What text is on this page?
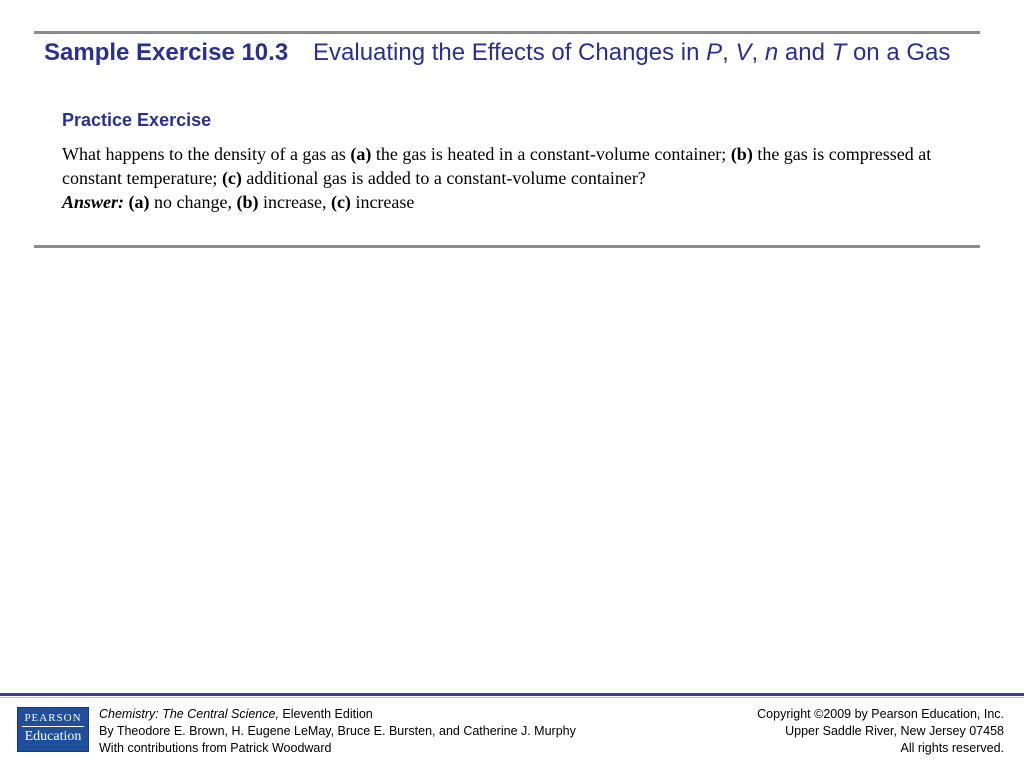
Sample Exercise 10.3 Evaluating the Effects of Changes in P, V, n and T on a Gas
Practice Exercise
What happens to the density of a gas as (a) the gas is heated in a constant-volume container; (b) the gas is compressed at constant temperature; (c) additional gas is added to a constant-volume container?
Answer: (a) no change, (b) increase, (c) increase
PEARSON
Education
Chemistry: The Central Science, Eleventh Edition
By Theodore E. Brown, H. Eugene LeMay, Bruce E. Bursten, and Catherine J. Murphy
With contributions from Patrick Woodward
Copyright ©2009 by Pearson Education, Inc.
Upper Saddle River, New Jersey 07458
All rights reserved.
